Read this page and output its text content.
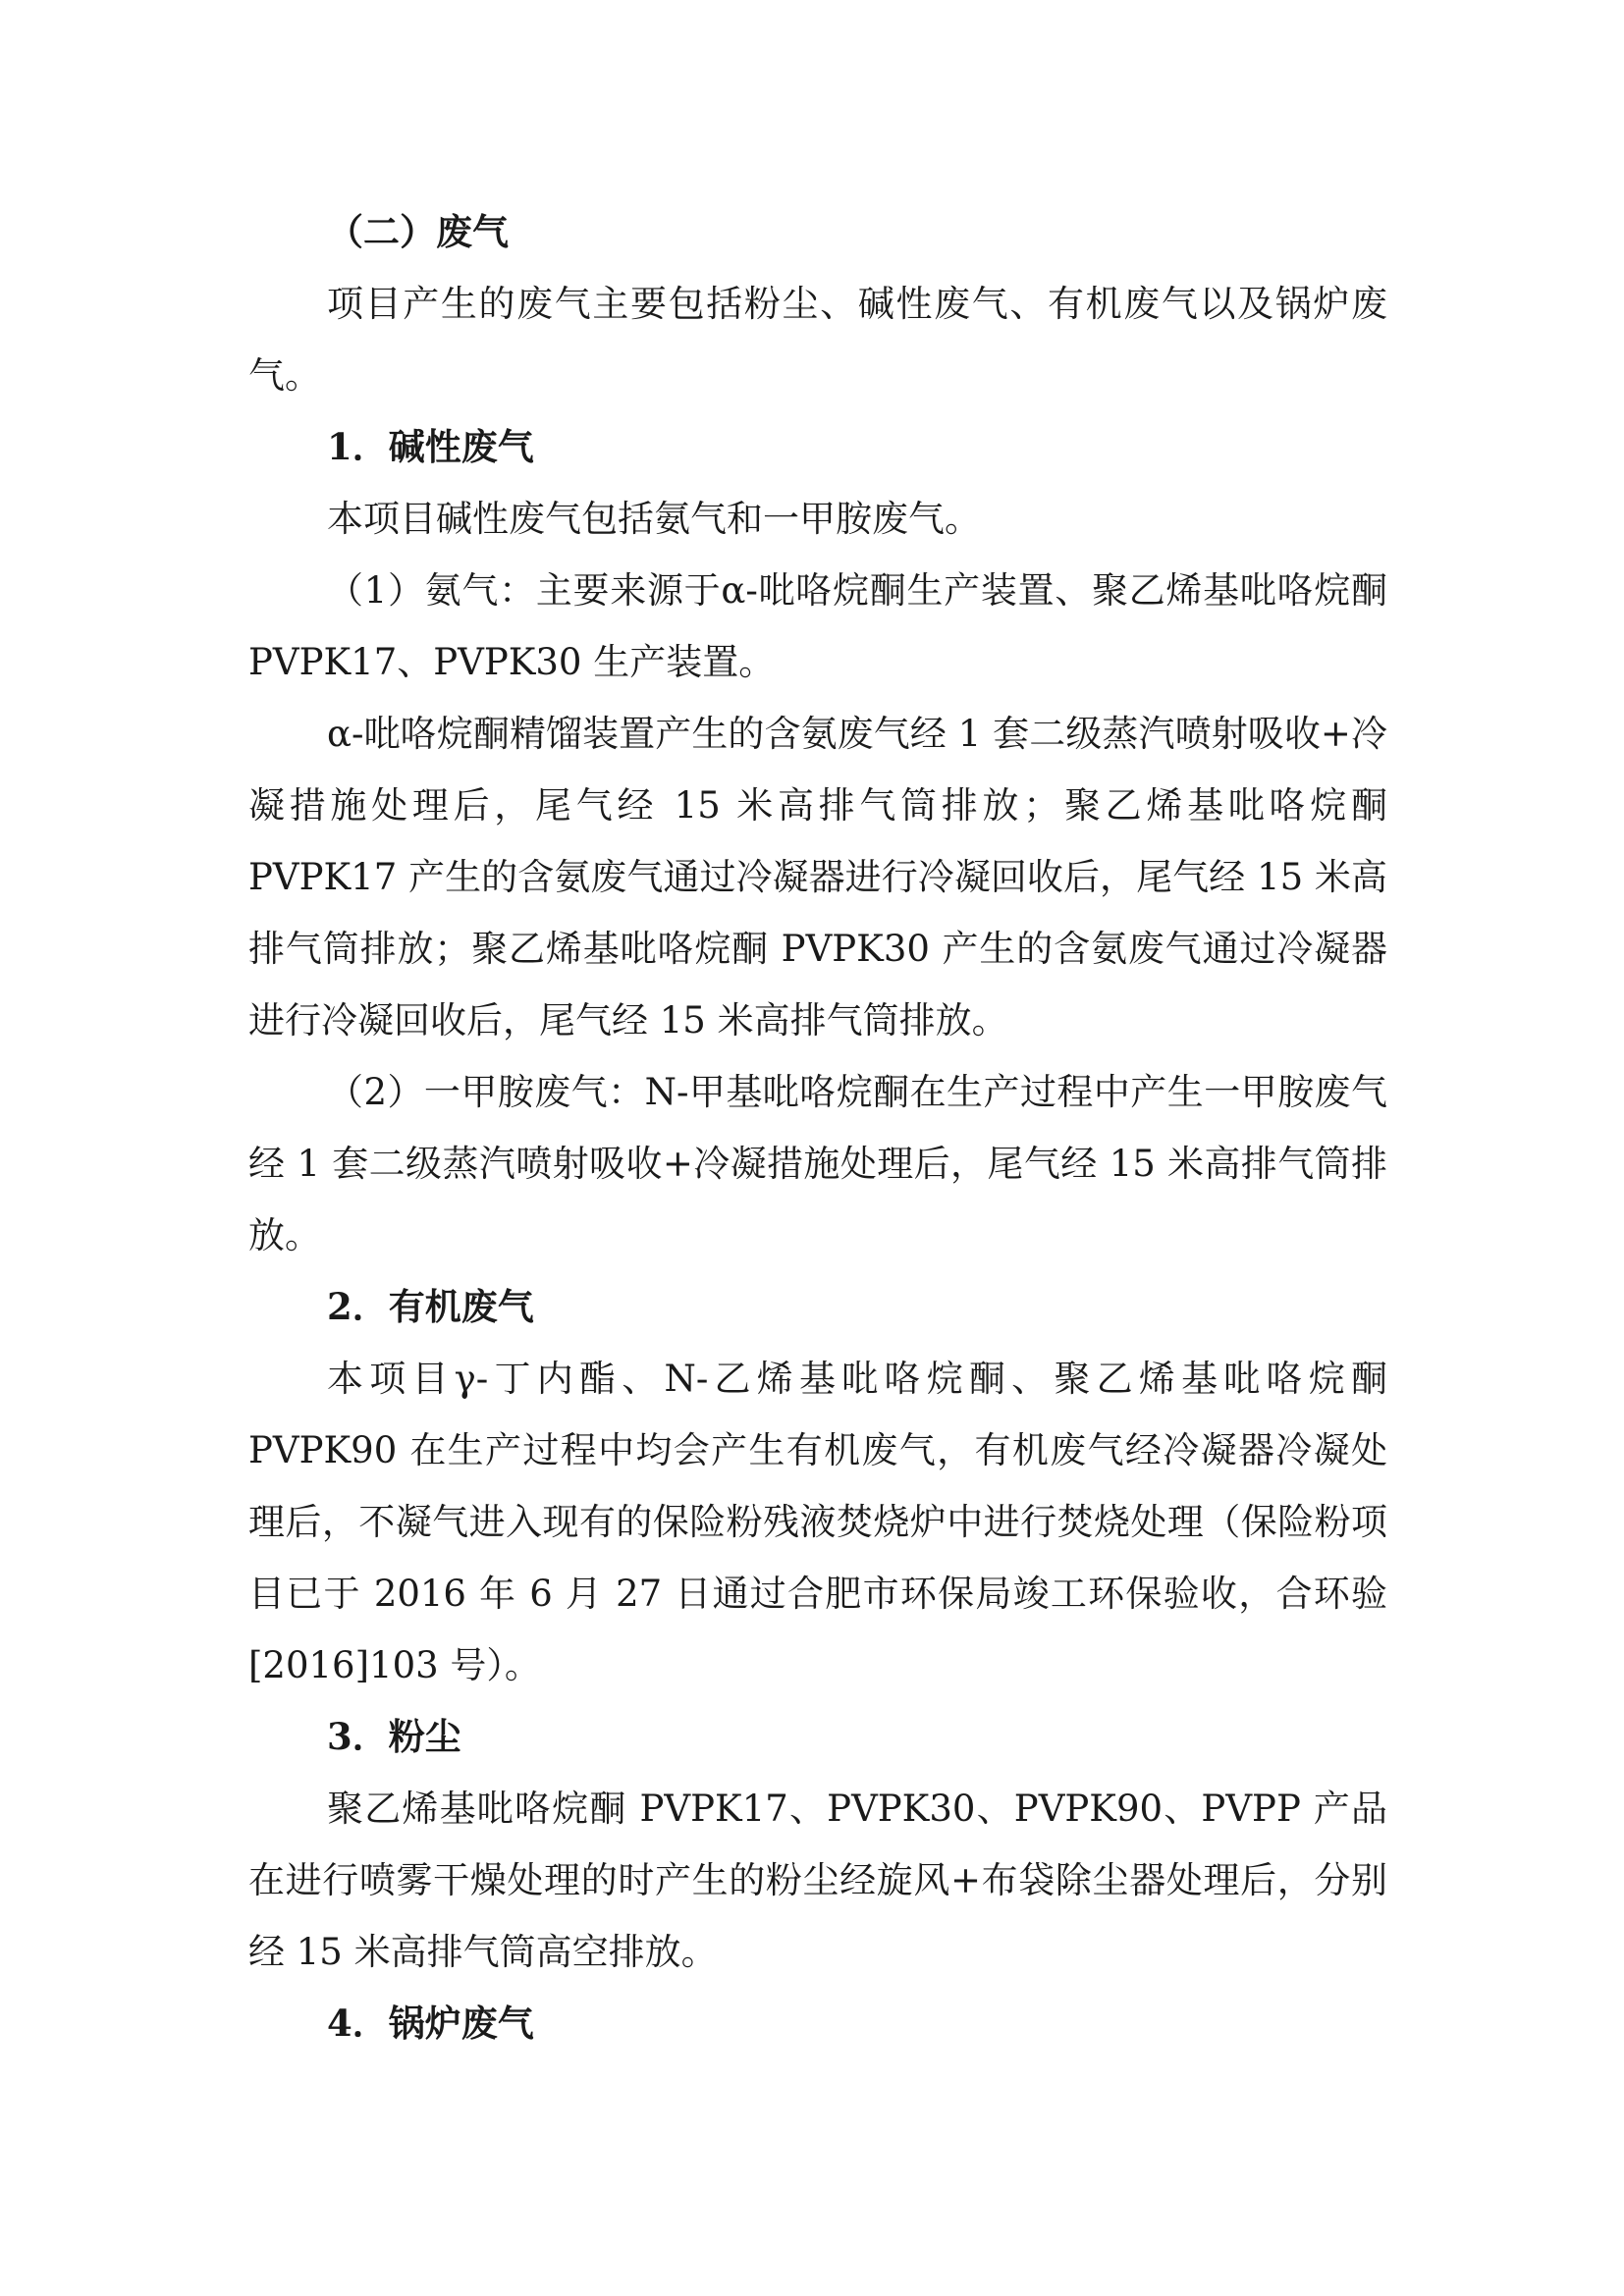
（二）废气

项目产生的废气主要包括粉尘、碱性废气、有机废气以及锅炉废气。

1．碱性废气

本项目碱性废气包括氨气和一甲胺废气。

（1）氨气：主要来源于α-吡咯烷酮生产装置、聚乙烯基吡咯烷酮 PVPK17、PVPK30 生产装置。

α-吡咯烷酮精馏装置产生的含氨废气经 1 套二级蒸汽喷射吸收+冷凝措施处理后，尾气经 15 米高排气筒排放；聚乙烯基吡咯烷酮 PVPK17 产生的含氨废气通过冷凝器进行冷凝回收后，尾气经 15 米高排气筒排放；聚乙烯基吡咯烷酮 PVPK30 产生的含氨废气通过冷凝器进行冷凝回收后，尾气经 15 米高排气筒排放。

（2）一甲胺废气：N-甲基吡咯烷酮在生产过程中产生一甲胺废气经 1 套二级蒸汽喷射吸收+冷凝措施处理后，尾气经 15 米高排气筒排放。

2．有机废气

本项目γ-丁内酯、N-乙烯基吡咯烷酮、聚乙烯基吡咯烷酮 PVPK90 在生产过程中均会产生有机废气，有机废气经冷凝器冷凝处理后，不凝气进入现有的保险粉残液焚烧炉中进行焚烧处理（保险粉项目已于 2016 年 6 月 27 日通过合肥市环保局竣工环保验收，合环验[2016]103 号）。

3．粉尘

聚乙烯基吡咯烷酮 PVPK17、PVPK30、PVPK90、PVPP 产品在进行喷雾干燥处理的时产生的粉尘经旋风+布袋除尘器处理后，分别经 15 米高排气筒高空排放。

4．锅炉废气
